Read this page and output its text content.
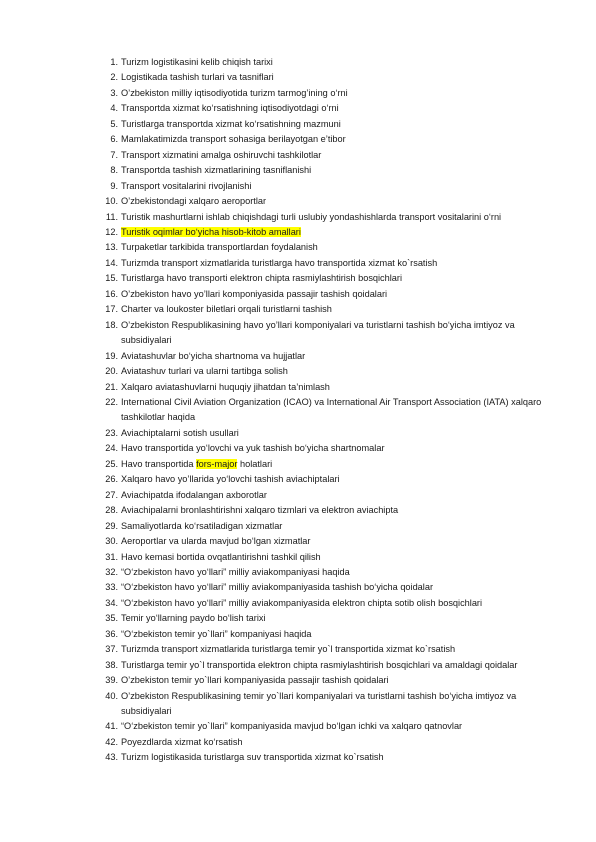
1. Turizm logistikasini kelib chiqish tarixi
2. Logistikada tashish turlari va tasniflari
3. O’zbekiston milliy iqtisodiyotida turizm tarmog’ining o‘rni
4. Transportda xizmat ko‘rsatishning iqtisodiyotdagi o‘rni
5. Turistlarga transportda xizmat ko‘rsatishning mazmuni
6. Mamlakatimizda transport sohasiga berilayotgan e’tibor
7. Transport xizmatini amalga oshiruvchi tashkilotlar
8. Transportda tashish xizmatlarining tasniflanishi
9. Transport vositalarini rivojlanishi
10. O’zbekistondagi xalqaro aeroportlar
11. Turistik mashurtlarni ishlab chiqishdagi turli uslubiy yondashishlarda transport vositalarini o‘rni
12. Turistik oqimlar bo‘yicha hisob-kitob amallari
13. Turpaketlar tarkibida transportlardan foydalanish
14. Turizmda transport xizmatlarida turistlarga havo transportida xizmat ko`rsatish
15. Turistlarga havo transporti elektron chipta rasmiylashtirish bosqichlari
16. O’zbekiston havo yo’llari komponiyasida passajir tashish qoidalari
17. Charter va loukoster biletlari orqali turistlarni tashish
18. O’zbekiston Respublikasining havo yo’llari komponiyalari va turistlarni tashish bo‘yicha imtiyoz va subsidiyalari
19. Aviatashuvlar bo‘yicha shartnoma va hujjatlar
20. Aviatashuv turlari va ularni tartibga solish
21. Xalqaro aviatashuvlarni huquqiy jihatdan ta’nimlash
22. International Civil Aviation Organization (ICAO) va International Air Transport Association (IATA) xalqaro tashkilotlar haqida
23. Aviachiptalarni sotish usullari
24. Havo transportida yo‘lovchi va yuk tashish bo‘yicha shartnomalar
25. Havo transportida fors-major holatlari
26. Xalqaro havo yo’llarida yo‘lovchi tashish aviachiptalari
27. Aviachipatda ifodalangan axborotlar
28. Aviachipalarni bronlashtirishni xalqaro tizmlari va elektron aviachipta
29. Samaliyotlarda ko‘rsatiladigan xizmatlar
30. Aeroportlar va ularda mavjud bo‘lgan xizmatlar
31. Havo kemasi bortida ovqatlantirishni tashkil qilish
32. “O‘zbekiston havo yo‘llari” milliy aviakompaniyasi haqida
33. “O‘zbekiston havo yo‘llari” milliy aviakompaniyasida tashish bo‘yicha qoidalar
34. “O‘zbekiston havo yo‘llari” milliy aviakompaniyasida elektron chipta sotib olish bosqichlari
35. Temir yo‘llarning paydo bo‘lish tarixi
36. “O‘zbekiston temir yo`llari” kompaniyasi haqida
37. Turizmda transport xizmatlarida turistlarga temir yo`l transportida xizmat ko`rsatish
38. Turistlarga temir yo`l transportida elektron chipta rasmiylashtirish bosqichlari va amaldagi qoidalar
39. O’zbekiston temir yo`llari kompaniyasida passajir tashish qoidalari
40. O’zbekiston Respublikasining temir yo`llari kompaniyalari va turistlarni tashish bo‘yicha imtiyoz va subsidiyalari
41. “O‘zbekiston temir yo`llari” kompaniyasida mavjud bo‘lgan ichki va xalqaro qatnovlar
42. Poyezdlarda xizmat ko‘rsatish
43. Turizm logistikasida turistlarga suv transportida xizmat ko`rsatish
